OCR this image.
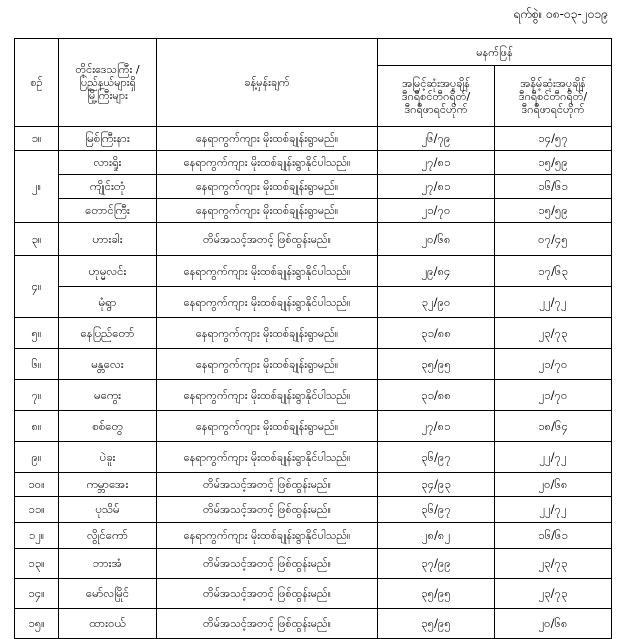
ရက်စွဲ။ ၀၈-၀၃-၂၀၁၉
စဉ်	တိုင်းဒေသကြီး /
ပြည်နယ်များရှိ
မြို့ကြီးများ	ခန့်မှန်းချက်	မနက်ဖြန်	

			အမြင့်ဆုံးအပူချိန်
ဒီဂရီစင်တီဂရိတ်/
ဒီဂရီဖာရင်ဟိုက်	အနိမ့်ဆုံးအပူချိန်
ဒီဂရီစင်တီဂရိတ်/
ဒီဂရီဖာရင်ဟိုက်

၁။	မြစ်ကြီးနား	နေရာကွက်ကျား မိုးထစ်ချုန်းရွာမည်။	၂၆/၇၉	၁၄/၅၇
၂။	လားရှိုး	နေရာကွက်ကျား မိုးထစ်ချုန်းရွာနိုင်ပါသည်။	၂၇/၈၁	၁၅/၅၉
	ကျိုင်းတုံ	နေရာကွက်ကျား မိုးထစ်ချုန်းရွာမည်။	၂၇/၈၁	၁၆/၆၁
	တောင်ကြီး	နေရာကွက်ကျား မိုးထစ်ချုန်းရွာမည်။	၂၁/၇၀	၁၅/၅၉
၃။	ဟားခါး	တိမ်အသင့်အတင့် ဖြစ်ထွန်းမည်။	၂၀/၆၈	၀၇/၄၅
၄။	ဟုမ္မလင်း	နေရာကွက်ကျား မိုးထစ်ချုန်းရွာနိုင်ပါသည်။	၂၉/၈၄	၁၇/၆၃
	မုံရွာ	နေရာကွက်ကျား မိုးထစ်ချုန်းရွာနိုင်ပါသည်။	၃၂/၉၀	၂၂/၇၂
၅။	နေပြည်တော်	နေရာကွက်ကျား မိုးထစ်ချုန်းရွာမည်။	၃၁/၈၈	၂၃/၇၃
၆။	မန္တလေး	နေရာကွက်ကျား မိုးထစ်ချုန်းရွာမည်။	၃၅/၉၅	၂၁/၇၀
၇။	မကွေး	နေရာကွက်ကျား မိုးထစ်ချုန်းရွာနိုင်ပါသည်။	၃၁/၈၈	၂၁/၇၀
၈။	စစ်တွေ	နေရာကွက်ကျား မိုးထစ်ချုန်းရွာမည်။	၂၇/၈၁	၁၈/၆၄
၉။	ပဲခူး	နေရာကွက်ကျား မိုးထစ်ချုန်းရွာနိုင်ပါသည်။	၃၆/၉၇	၂၂/၇၂
၁၀။	ကမ္ဘာအေး	တိမ်အသင့်အတင့် ဖြစ်ထွန်းမည်။	၃၄/၉၃	၂၀/၆၈
၁၁။	ပုသိမ်	တိမ်အသင့်အတင့် ဖြစ်ထွန်းမည်။	၃၆/၉၇	၂၂/၇၂
၁၂။	လွိုင်ကော်	နေရာကွက်ကျား မိုးထစ်ချုန်းရွာနိုင်ပါသည်။	၂၈/၈၂	၁၆/၆၁
၁၃။	ဘားအံ	တိမ်အသင့်အတင့် ဖြစ်ထွန်းမည်။	၃၇/၉၉	၂၃/၇၃
၁၄။	မော်လမြိုင်	တိမ်အသင့်အတင့် ဖြစ်ထွန်းမည်။	၃၅/၉၅	၂၃/၇၃
၁၅။	ထားဝယ်	တိမ်အသင့်အတင့် ဖြစ်ထွန်းမည်။	၃၅/၉၅	၂၀/၆၈
